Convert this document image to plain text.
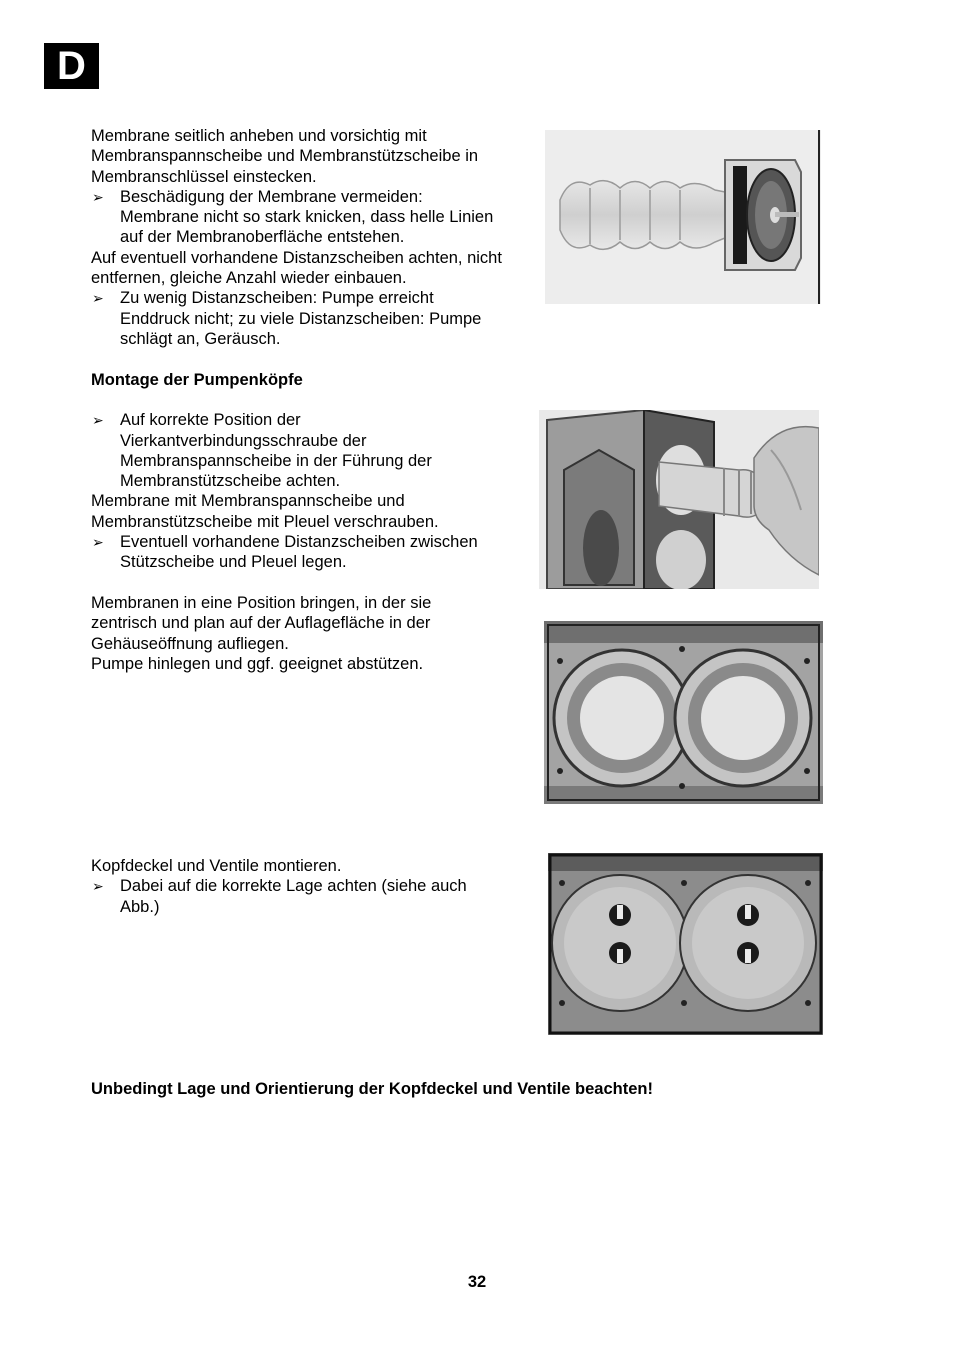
D
Membrane seitlich anheben und vorsichtig mit
Membranspannscheibe und Membranstützscheibe in
Membranschlüssel einstecken.
➢ Beschädigung der Membrane vermeiden:
Membrane nicht so stark knicken, dass helle Linien
auf der Membranoberfläche entstehen.
Auf eventuell vorhandene Distanzscheiben achten, nicht
entfernen, gleiche Anzahl wieder einbauen.
➢ Zu wenig Distanzscheiben: Pumpe erreicht
Enddruck nicht; zu viele Distanzscheiben: Pumpe
schlägt an, Geräusch.
Montage der Pumpenköpfe
➢ Auf korrekte Position der
Vierkantverbindungsschraube der
Membranspannscheibe in der Führung der
Membranstützscheibe achten.
Membrane mit Membranspannscheibe und
Membranstützscheibe mit Pleuel verschrauben.
➢ Eventuell vorhandene Distanzscheiben zwischen
Stützscheibe und Pleuel legen.
Membranen in eine Position bringen, in der sie
zentrisch und plan auf der Auflagefläche in der
Gehäuseöffnung aufliegen.
Pumpe hinlegen und ggf. geeignet abstützen.
Kopfdeckel und Ventile montieren.
➢ Dabei auf die korrekte Lage achten (siehe auch
Abb.)
Unbedingt Lage und Orientierung der Kopfdeckel und Ventile beachten!
32
